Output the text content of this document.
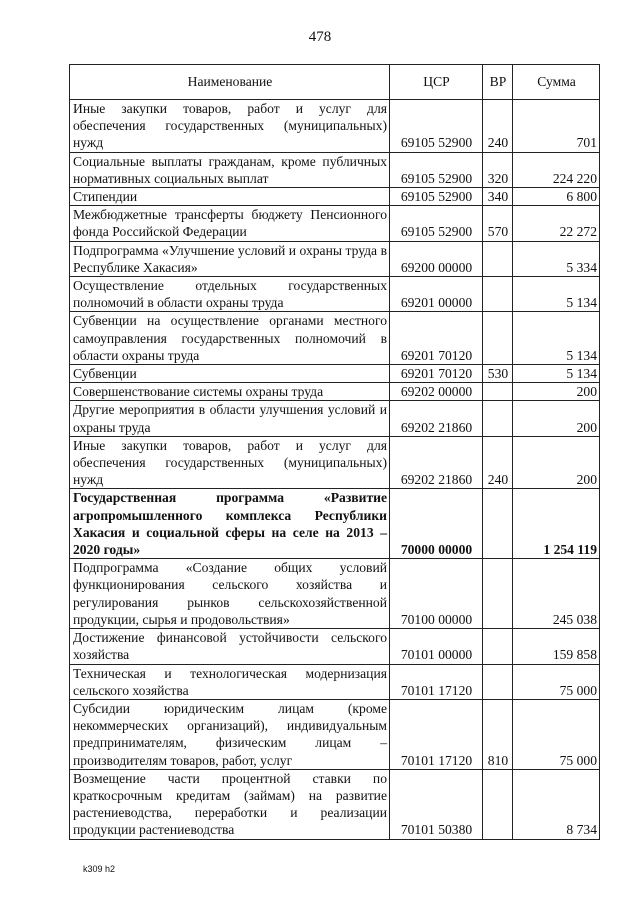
478
Наименование	ЦСР	ВР	Сумма
Иные закупки товаров, работ и услуг для обеспечения государственных (муниципальных) нужд	69105 52900	240	701
Социальные выплаты гражданам, кроме публичных нормативных социальных выплат	69105 52900	320	224 220
Стипендии	69105 52900	340	6 800
Межбюджетные трансферты бюджету Пенсионного фонда Российской Федерации	69105 52900	570	22 272
Подпрограмма «Улучшение условий и охраны труда в Республике Хакасия»	69200 00000		5 334
Осуществление отдельных государственных полномочий в области охраны труда	69201 00000		5 134
Субвенции на осуществление органами местного самоуправления государственных полномочий в области охраны труда	69201 70120		5 134
Субвенции	69201 70120	530	5 134
Совершенствование системы охраны труда	69202 00000		200
Другие мероприятия в области улучшения условий и охраны труда	69202 21860		200
Иные закупки товаров, работ и услуг для обеспечения государственных (муниципальных) нужд	69202 21860	240	200
Государственная программа «Развитие агропромышленного комплекса Республики Хакасия и социальной сферы на селе на 2013 – 2020 годы»	70000 00000		1 254 119
Подпрограмма «Создание общих условий функционирования сельского хозяйства и регулирования рынков сельскохозяйственной продукции, сырья и продовольствия»	70100 00000		245 038
Достижение финансовой устойчивости сельского хозяйства	70101 00000		159 858
Техническая и технологическая модернизация сельского хозяйства	70101 17120		75 000
Субсидии юридическим лицам (кроме некоммерческих организаций), индивидуальным предпринимателям, физическим лицам – производителям товаров, работ, услуг	70101 17120	810	75 000
Возмещение части процентной ставки по краткосрочным кредитам (займам) на развитие растениеводства, переработки и реализации продукции растениеводства	70101 50380		8 734
k309 h2
